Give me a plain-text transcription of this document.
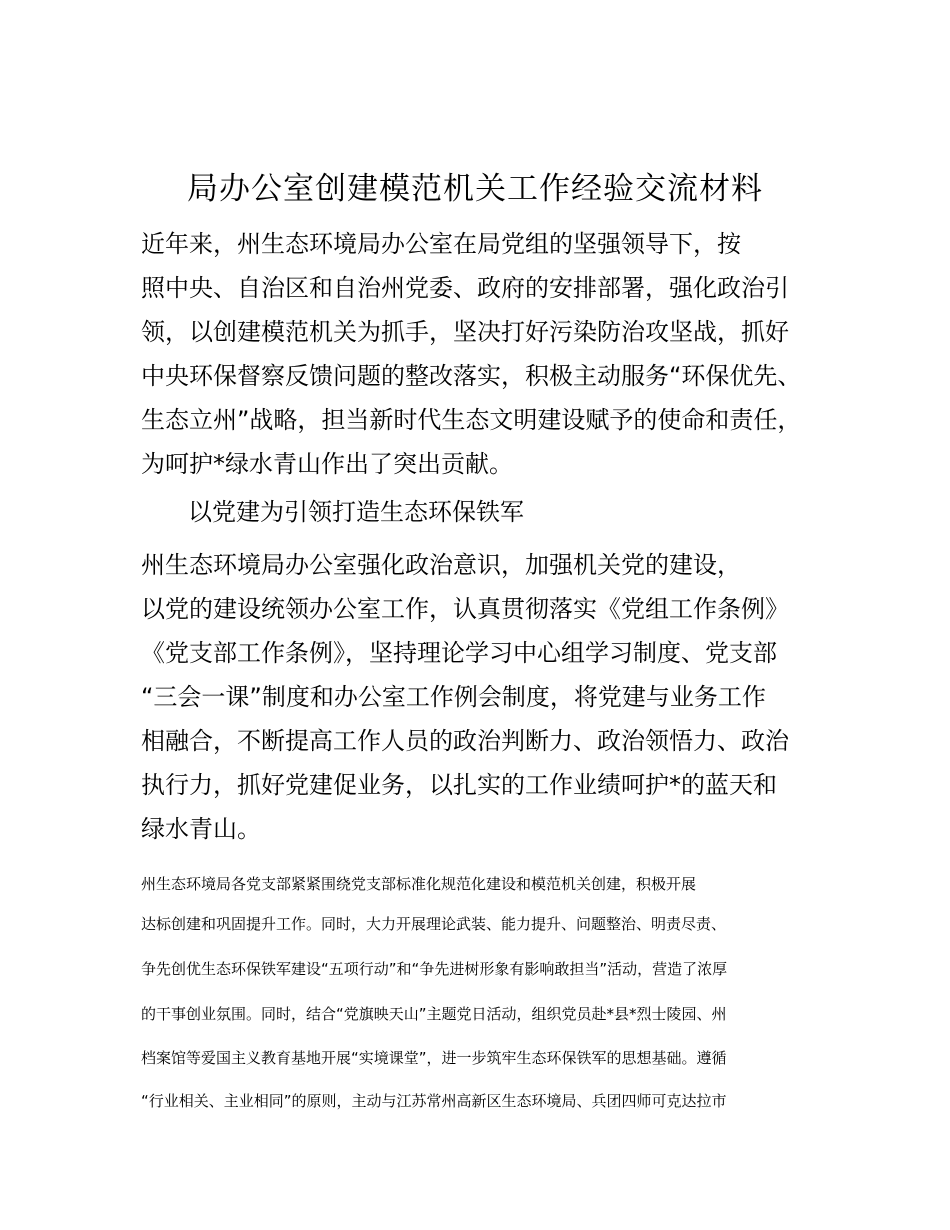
局办公室创建模范机关工作经验交流材料
近年来，州生态环境局办公室在局党组的坚强领导下，按
照中央、自治区和自治州党委、政府的安排部署，强化政治引
领，以创建模范机关为抓手，坚决打好污染防治攻坚战，抓好
中央环保督察反馈问题的整改落实，积极主动服务“环保优先、
生态立州”战略，担当新时代生态文明建设赋予的使命和责任，
为呵护*绿水青山作出了突出贡献。
以党建为引领打造生态环保铁军
州生态环境局办公室强化政治意识，加强机关党的建设，
以党的建设统领办公室工作，认真贯彻落实《党组工作条例》
《党支部工作条例》，坚持理论学习中心组学习制度、党支部
“三会一课”制度和办公室工作例会制度，将党建与业务工作
相融合，不断提高工作人员的政治判断力、政治领悟力、政治
执行力，抓好党建促业务，以扎实的工作业绩呵护*的蓝天和
绿水青山。
州生态环境局各党支部紧紧围绕党支部标准化规范化建设和模范机关创建，积极开展
达标创建和巩固提升工作。同时，大力开展理论武装、能力提升、问题整治、明责尽责、
争先创优生态环保铁军建设“五项行动”和“争先进树形象有影响敢担当”活动，营造了浓厚
的干事创业氛围。同时，结合“党旗映天山”主题党日活动，组织党员赴*县*烈士陵园、州
档案馆等爱国主义教育基地开展“实境课堂”，进一步筑牢生态环保铁军的思想基础。遵循
“行业相关、主业相同”的原则，主动与江苏常州高新区生态环境局、兵团四师可克达拉市
